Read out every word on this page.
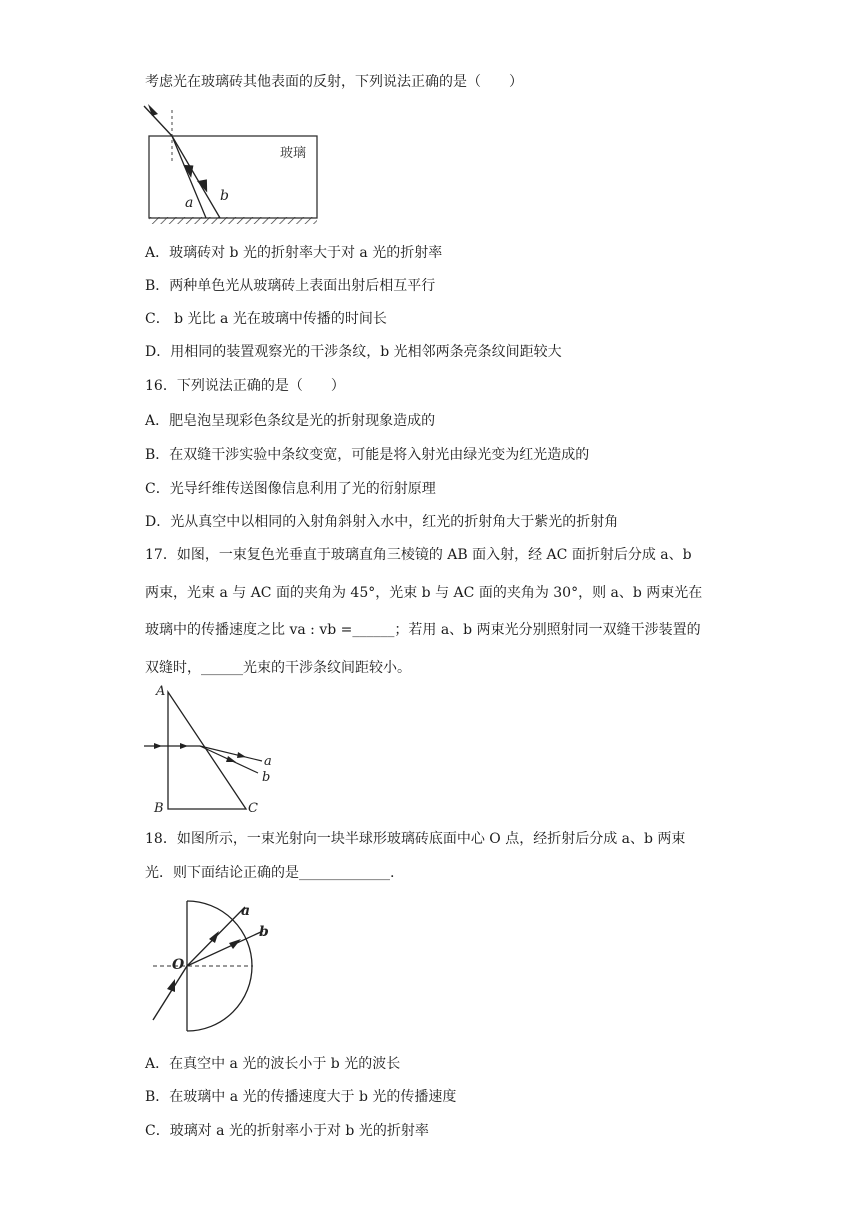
考虑光在玻璃砖其他表面的反射，下列说法正确的是（　　）
玻璃
a b
A．玻璃砖对 b 光的折射率大于对 a 光的折射率
B．两种单色光从玻璃砖上表面出射后相互平行
C． b 光比 a 光在玻璃中传播的时间长
D．用相同的装置观察光的干涉条纹，b 光相邻两条亮条纹间距较大
16．下列说法正确的是（　　）
A．肥皂泡呈现彩色条纹是光的折射现象造成的
B．在双缝干涉实验中条纹变宽，可能是将入射光由绿光变为红光造成的
C．光导纤维传送图像信息利用了光的衍射原理
D．光从真空中以相同的入射角斜射入水中，红光的折射角大于紫光的折射角
17．如图，一束复色光垂直于玻璃直角三棱镜的 AB 面入射，经 AC 面折射后分成 a、b
两束，光束 a 与 AC 面的夹角为 45°，光束 b 与 AC 面的夹角为 30°，则 a、b 两束光在
玻璃中的传播速度之比 va : vb =______；若用 a、b 两束光分别照射同一双缝干涉装置的
双缝时，______光束的干涉条纹间距较小。
A
B	C
a
b
18．如图所示，一束光射向一块半球形玻璃砖底面中心 O 点，经折射后分成 a、b 两束
光．则下面结论正确的是_____________.
O
a
b
A．在真空中 a 光的波长小于 b 光的波长
B．在玻璃中 a 光的传播速度大于 b 光的传播速度
C．玻璃对 a 光的折射率小于对 b 光的折射率
